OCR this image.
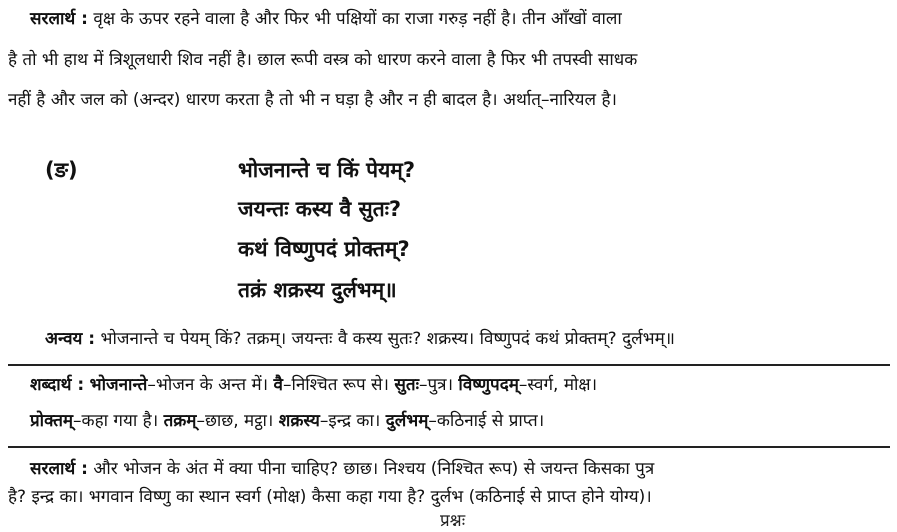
सरलार्थ : वृक्ष के ऊपर रहने वाला है और फिर भी पक्षियों का राजा गरुड़ नहीं है। तीन आँखों वाला
है तो भी हाथ में त्रिशूलधारी शिव नहीं है। छाल रूपी वस्त्र को धारण करने वाला है फिर भी तपस्वी साधक
नहीं है और जल को (अन्दर) धारण करता है तो भी न घड़ा है और न ही बादल है। अर्थात्–नारियल है।
(ङ)	भोजनान्ते च किं पेयम्?
जयन्तः कस्य वै सुतः?
कथं विष्णुपदं प्रोक्तम्?
तक्रं शक्रस्य दुर्लभम्॥
अन्वय : भोजनान्ते च पेयम् किं? तक्रम्। जयन्तः वै कस्य सुतः? शक्रस्य। विष्णुपदं कथं प्रोक्तम्? दुर्लभम्॥
शब्दार्थ : भोजनान्ते–भोजन के अन्त में। वै–निश्चित रूप से। सुतः–पुत्र। विष्णुपदम्–स्वर्ग, मोक्ष।
प्रोक्तम्–कहा गया है। तक्रम्–छाछ, मट्ठा। शक्रस्य–इन्द्र का। दुर्लभम्–कठिनाई से प्राप्त।
सरलार्थ : और भोजन के अंत में क्या पीना चाहिए? छाछ। निश्चय (निश्चित रूप) से जयन्त किसका पुत्र
है? इन्द्र का। भगवान विष्णु का स्थान स्वर्ग (मोक्ष) कैसा कहा गया है? दुर्लभ (कठिनाई से प्राप्त होने योग्य)।
प्रश्नः
